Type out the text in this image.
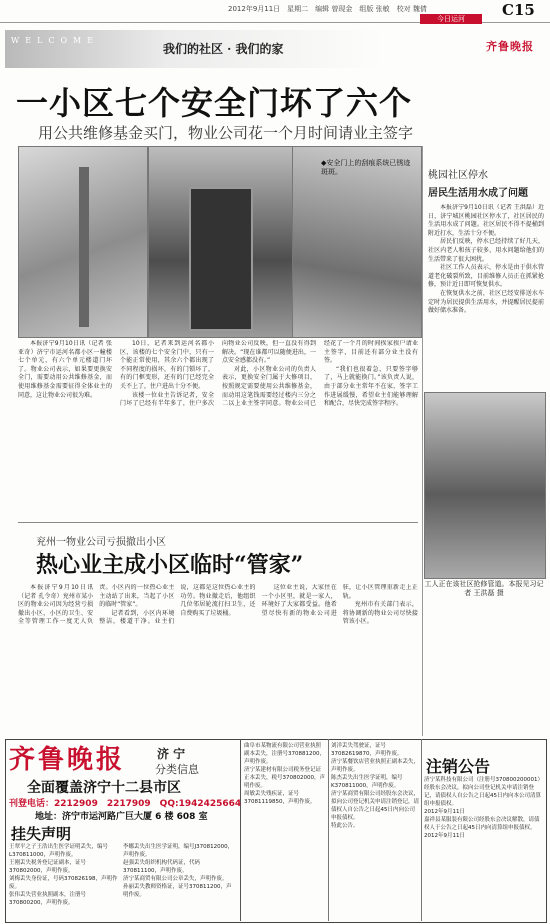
2012年9月11日　星期二　编辑 曾现金　组版 张敏　校对 魏倩	C15
今日运河
WELCOME
我们的社区 · 我们的家	齐鲁晚报
一小区七个安全门坏了六个
用公共维修基金买门，物业公司花一个月时间请业主签字
◆安全门上的刮痕系统已锈迹斑斑。

本报济宁9月10日讯（记者 张亚奇）济宁市运河名都小区一幢楼七个单元，有六个单元楼道门坏了。物业公司表示，如果要更换安全门，需要动用公共维修基金，而使用维修基金需要征得全体业主的同意，这让物业公司很为难。

10日，记者来到运河名都小区，该楼的七个安全门中，只有一个能正常使用，其余六个都出现了不同程度的损坏，有的门锁坏了，有的门框变形，还有的门已经完全关不上了，住户进出十分不便。

该楼一位业主告诉记者，安全门坏了已经有半年多了，住户多次向物业公司反映，但一直没有得到解决。“现在谁都可以随便进出，一点安全感都没有。”

对此，小区物业公司的负责人表示，更换安全门属于大修项目，按照规定需要使用公共维修基金，而动用这笔钱需要经过楼内三分之二以上业主签字同意。物业公司已经花了一个月的时间挨家挨户请业主签字，目前还有部分业主没有签。

“我们也很着急，只要签字够了，马上就能换门。”该负责人说，由于部分业主常年不在家，签字工作进展缓慢，希望业主们能够理解和配合，尽快完成签字程序。

桃园社区停水
居民生活用水成了问题

本报济宁9月10日讯（记者 王洪磊）近日，济宁城区桃园社区停水了，社区居民的生活用水成了问题。社区居民不得不提桶到附近打水，生活十分不便。

居民们反映，停水已经持续了好几天，社区内老人和孩子较多，用水问题给他们的生活带来了很大困扰。

社区工作人员表示，停水是由于供水管道老化破裂所致，目前维修人员正在抓紧抢修，预计近日即可恢复供水。

在恢复供水之前，社区已经安排送水车定时为居民提供生活用水，并提醒居民提前做好储水准备。

工人正在该社区抢修管道。本报见习记者 王洪磊 摄
兖州一物业公司亏损撤出小区
热心业主成小区临时“管家”

本报济宁9月10日讯（记者 孔令奇）兖州市某小区的物业公司因为经营亏损撤出小区，小区的卫生、安全等管理工作一度无人负责。小区内的一位热心业主主动站了出来，当起了小区的临时“管家”。

记者看到，小区内环境整洁，楼道干净。业主们说，这都是这位热心业主的功劳。物业撤走后，他组织几位邻居轮流打扫卫生，还自费购买了垃圾桶。

这位业主说，大家住在一个小区里，就是一家人，环境好了大家都受益。他希望尽快有新的物业公司进驻，让小区管理重新走上正轨。

兖州市有关部门表示，将协调新的物业公司尽快接管该小区。

齐鲁晚报	济 宁
分类信息
全面覆盖济宁十二县市区
刊登电话：2212909　2217909　QQ:1942425664
地址：济宁市运河路广巨大厦 6 楼 608 室
挂失声明
王翠平之子王浩出生医学证明丢失，编号L370811000，声明作废。
王刚丢失税务登记证副本，证号370802000，声明作废。
刘梅丢失身份证，号码370826198，声明作废。
张伟丢失营业执照副本，注册号370800200，声明作废。
李娜丢失出生医学证明，编号J370812000，声明作废。
赵强丢失组织机构代码证，代码370811100，声明作废。
济宁某商贸有限公司公章丢失，声明作废。
孙丽丢失教师资格证，证号370811200，声明作废。
曲阜市某物流有限公司营业执照副本丢失，注册号370881200，声明作废。
济宁某建材有限公司税务登记证正本丢失，税号370802000，声明作废。
周敏丢失残疾证，证号37081119850，声明作废。
刘洋丢失驾驶证，证号37082619870，声明作废。
济宁某餐饮店营业执照正副本丢失，声明作废。
陈杰丢失出生医学证明，编号K370811000，声明作废。
济宁某商贸有限公司经股东会决议，拟向公司登记机关申请注销登记，请债权人自公告之日起45日内向公司申报债权。
特此公告。
注销公告
济宁某科技有限公司（注册号370800200001）经股东会决议，拟向公司登记机关申请注销登记，请债权人自公告之日起45日内向本公司清算组申报债权。
2012年9月11日
嘉祥县某服装有限公司经股东会决议解散，请债权人于公告之日起45日内向清算组申报债权。
2012年9月11日
